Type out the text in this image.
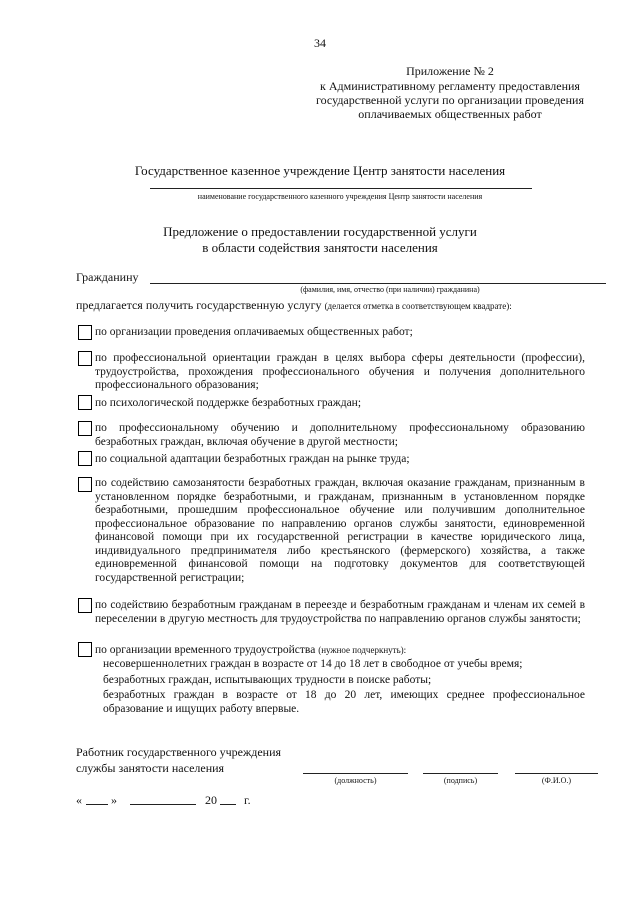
34
Приложение № 2
к Административному регламенту предоставления
государственной услуги по организации проведения
оплачиваемых общественных работ
Государственное казенное учреждение Центр занятости населения
наименование государственного казенного учреждения Центр занятости населения
Предложение о предоставлении государственной услуги
в области содействия занятости населения
Гражданину
(фамилия, имя, отчество (при наличии) гражданина)
предлагается получить государственную услугу (делается отметка в соответствующем квадрате):
по организации проведения оплачиваемых общественных работ;
по профессиональной ориентации граждан в целях выбора сферы деятельности (профессии), трудоустройства, прохождения профессионального обучения и получения дополнительного профессионального образования;
по психологической поддержке безработных граждан;
по профессиональному обучению и дополнительному профессиональному образованию безработных граждан, включая обучение в другой местности;
по социальной адаптации безработных граждан на рынке труда;
по содействию самозанятости безработных граждан, включая оказание гражданам, признанным в установленном порядке безработными, и гражданам, признанным в установленном порядке безработными, прошедшим профессиональное обучение или получившим дополнительное профессиональное образование по направлению органов службы занятости, единовременной финансовой помощи при их государственной регистрации в качестве юридического лица, индивидуального предпринимателя либо крестьянского (фермерского) хозяйства, а также единовременной финансовой помощи на подготовку документов для соответствующей государственной регистрации;
по содействию безработным гражданам в переезде и безработным гражданам и членам их семей в переселении в другую местность для трудоустройства по направлению органов службы занятости;
по организации временного трудоустройства (нужное подчеркнуть):
несовершеннолетних граждан в возрасте от 14 до 18 лет в свободное от учебы время;
безработных граждан, испытывающих трудности в поиске работы;
безработных граждан в возрасте от 18 до 20 лет, имеющих среднее профессиональное образование и ищущих работу впервые.
Работник государственного учреждения
службы занятости населения
(должность)	(подпись)	(Ф.И.О.)
« »	20 г.
